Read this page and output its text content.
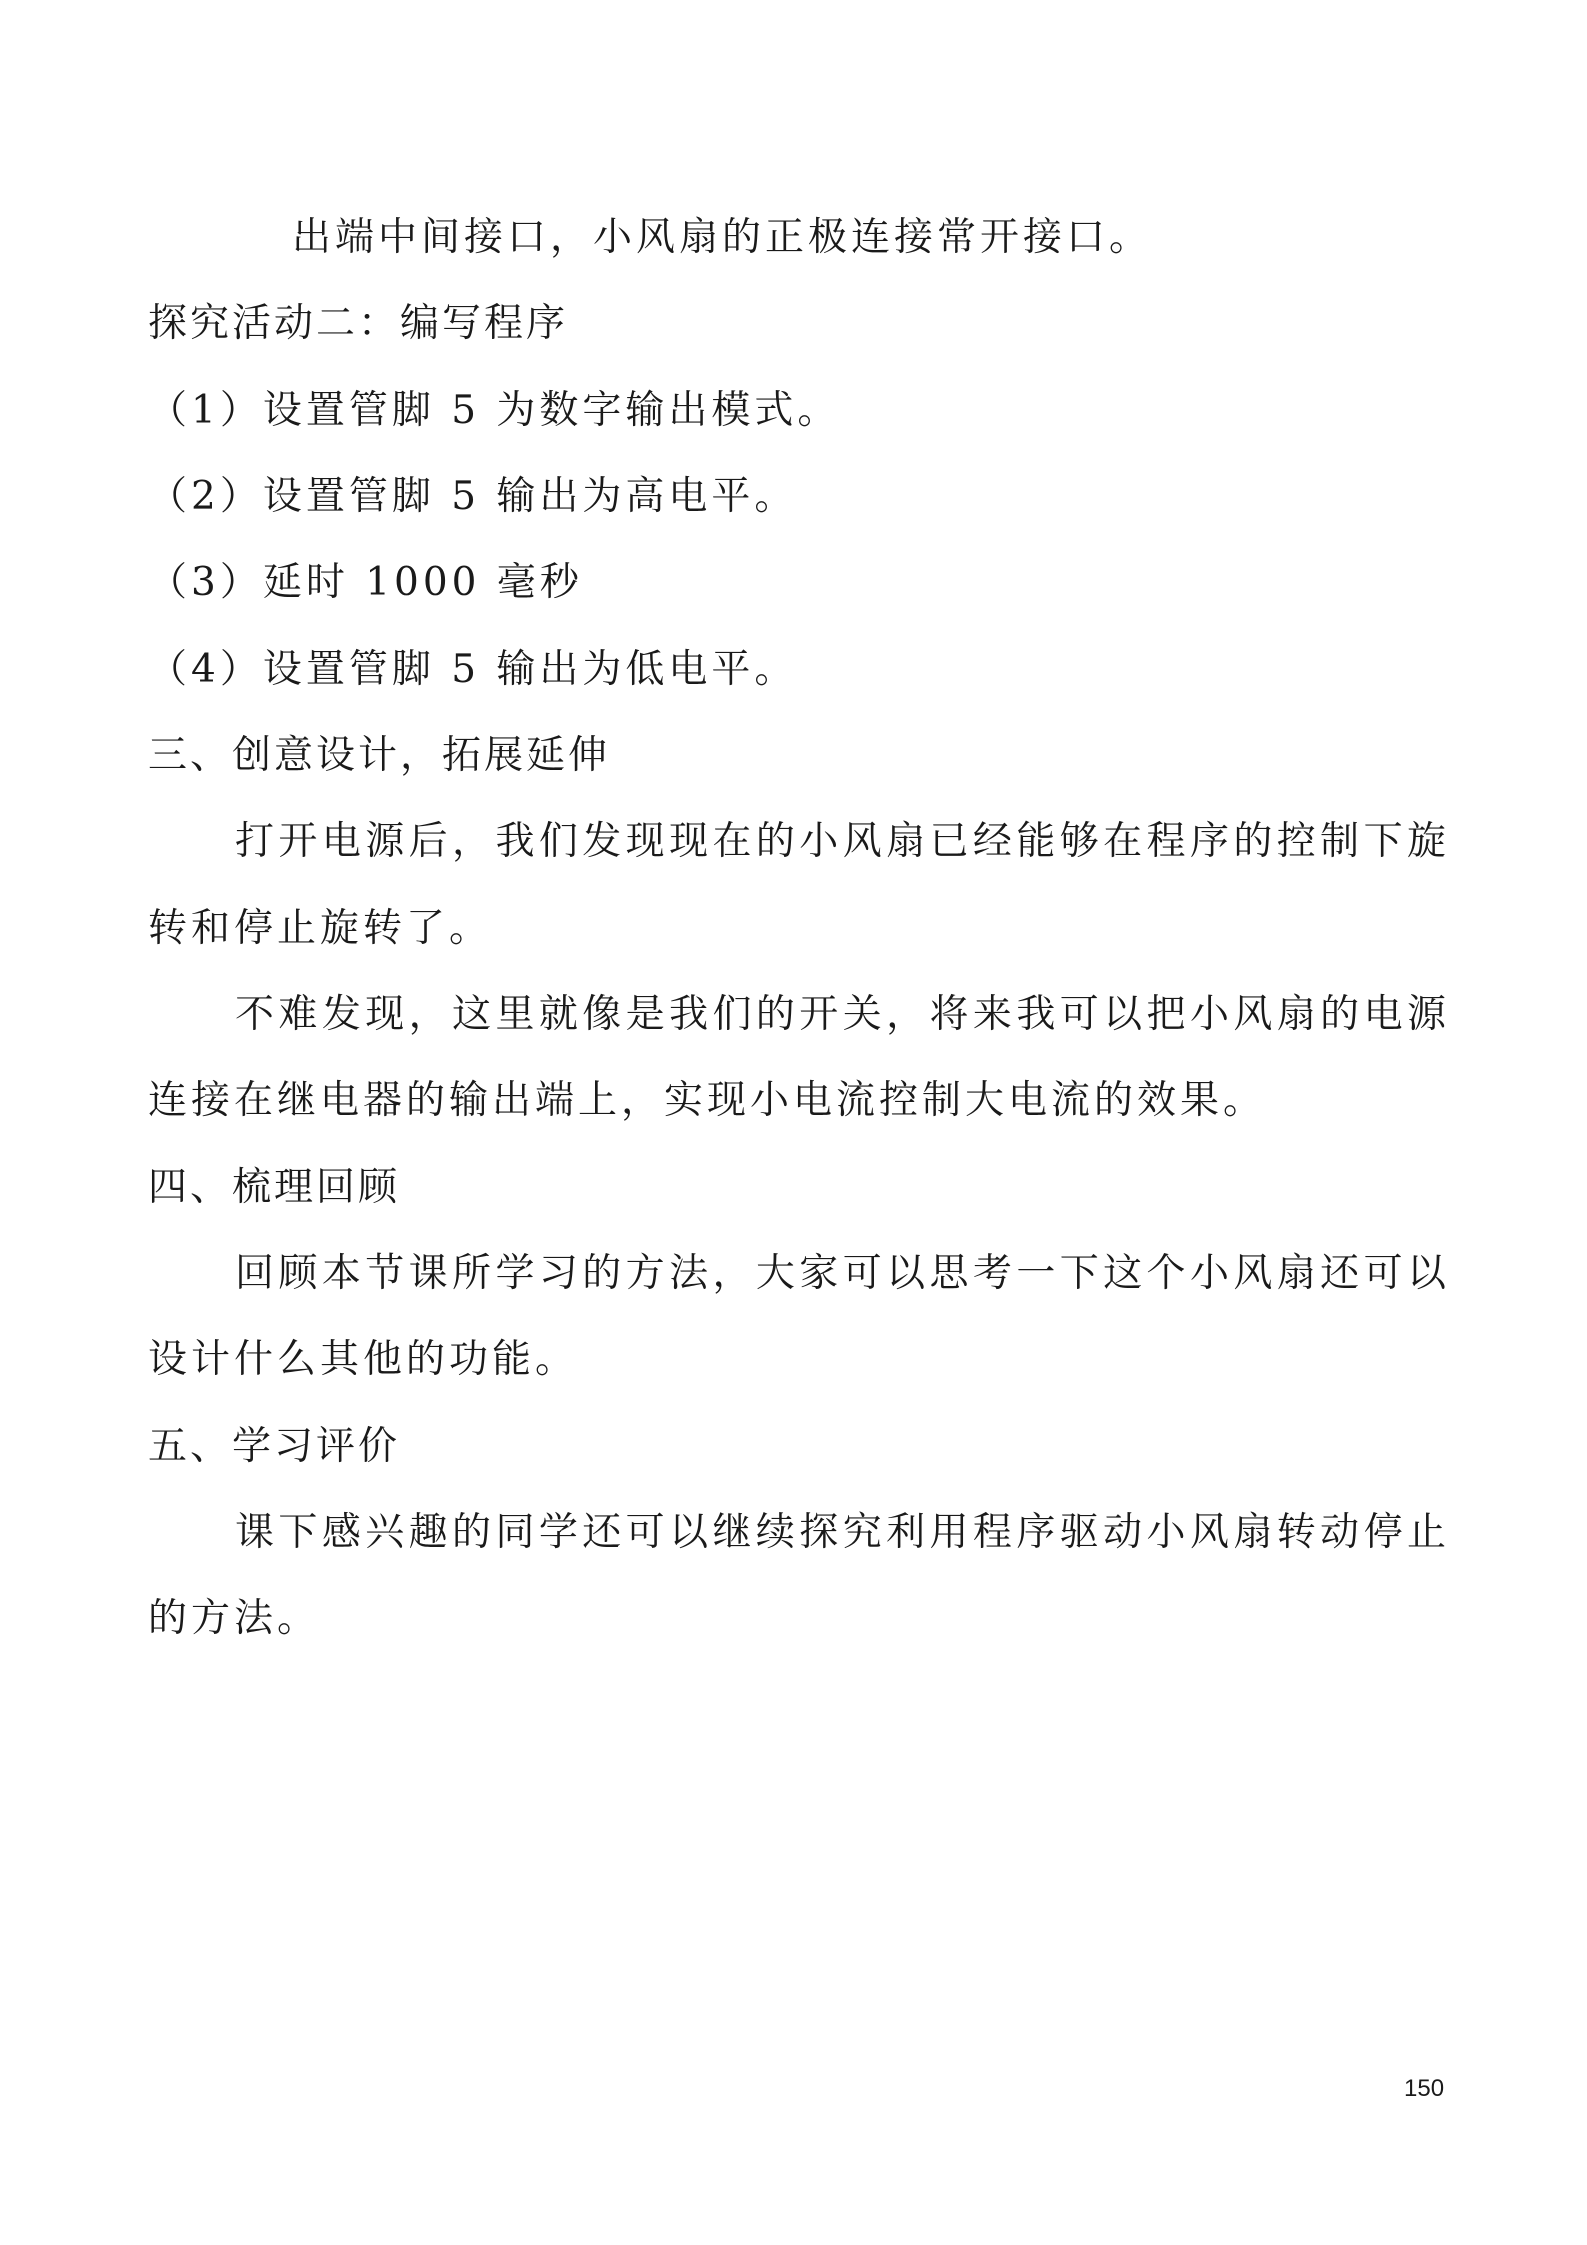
出端中间接口，小风扇的正极连接常开接口。
探究活动二：编写程序
（1）设置管脚 5 为数字输出模式。
（2）设置管脚 5 输出为高电平。
（3）延时 1000 毫秒
（4）设置管脚 5 输出为低电平。
三、创意设计，拓展延伸
打开电源后，我们发现现在的小风扇已经能够在程序的控制下旋
转和停止旋转了。
不难发现，这里就像是我们的开关，将来我可以把小风扇的电源
连接在继电器的输出端上，实现小电流控制大电流的效果。
四、梳理回顾
回顾本节课所学习的方法，大家可以思考一下这个小风扇还可以
设计什么其他的功能。
五、学习评价
课下感兴趣的同学还可以继续探究利用程序驱动小风扇转动停止
的方法。
150
